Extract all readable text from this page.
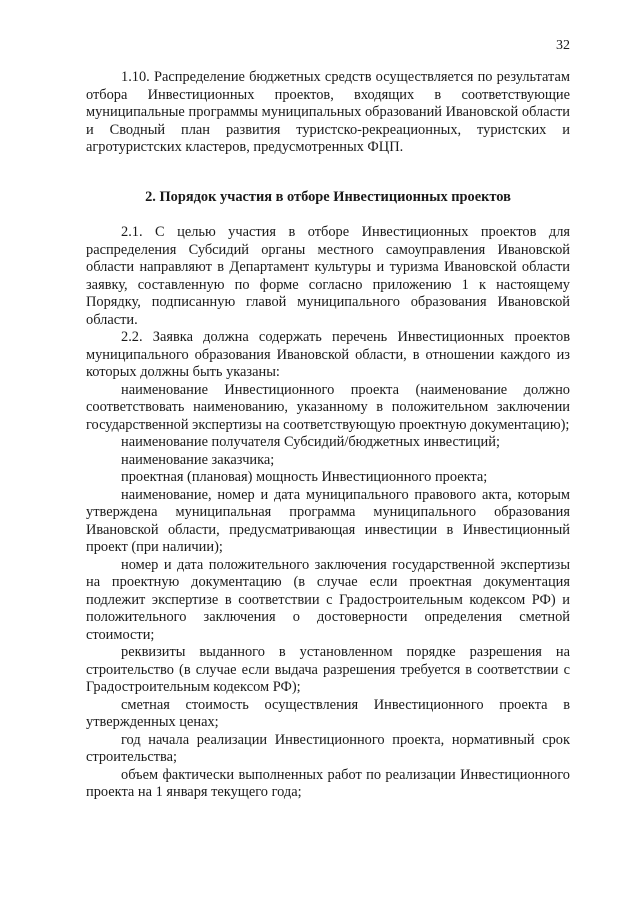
32

1.10. Распределение бюджетных средств осуществляется по результатам отбора Инвестиционных проектов, входящих в соответствующие муниципальные программы муниципальных образований Ивановской области и Сводный план развития туристско-рекреационных, туристских и агротуристских кластеров, предусмотренных ФЦП.

2. Порядок участия в отборе Инвестиционных проектов

2.1. С целью участия в отборе Инвестиционных проектов для распределения Субсидий органы местного самоуправления Ивановской области направляют в Департамент культуры и туризма Ивановской области заявку, составленную по форме согласно приложению 1 к настоящему Порядку, подписанную главой муниципального образования Ивановской области.

2.2. Заявка должна содержать перечень Инвестиционных проектов муниципального образования Ивановской области, в отношении каждого из которых должны быть указаны:

наименование Инвестиционного проекта (наименование должно соответствовать наименованию, указанному в положительном заключении государственной экспертизы на соответствующую проектную документацию);

наименование получателя Субсидий/бюджетных инвестиций;

наименование заказчика;

проектная (плановая) мощность Инвестиционного проекта;

наименование, номер и дата муниципального правового акта, которым утверждена муниципальная программа муниципального образования Ивановской области, предусматривающая инвестиции в Инвестиционный проект (при наличии);

номер и дата положительного заключения государственной экспертизы на проектную документацию (в случае если проектная документация подлежит экспертизе в соответствии с Градостроительным кодексом РФ) и положительного заключения о достоверности определения сметной стоимости;

реквизиты выданного в установленном порядке разрешения на строительство (в случае если выдача разрешения требуется в соответствии с Градостроительным кодексом РФ);

сметная стоимость осуществления Инвестиционного проекта в утвержденных ценах;

год начала реализации Инвестиционного проекта, нормативный срок строительства;

объем фактически выполненных работ по реализации Инвестиционного проекта на 1 января текущего года;
